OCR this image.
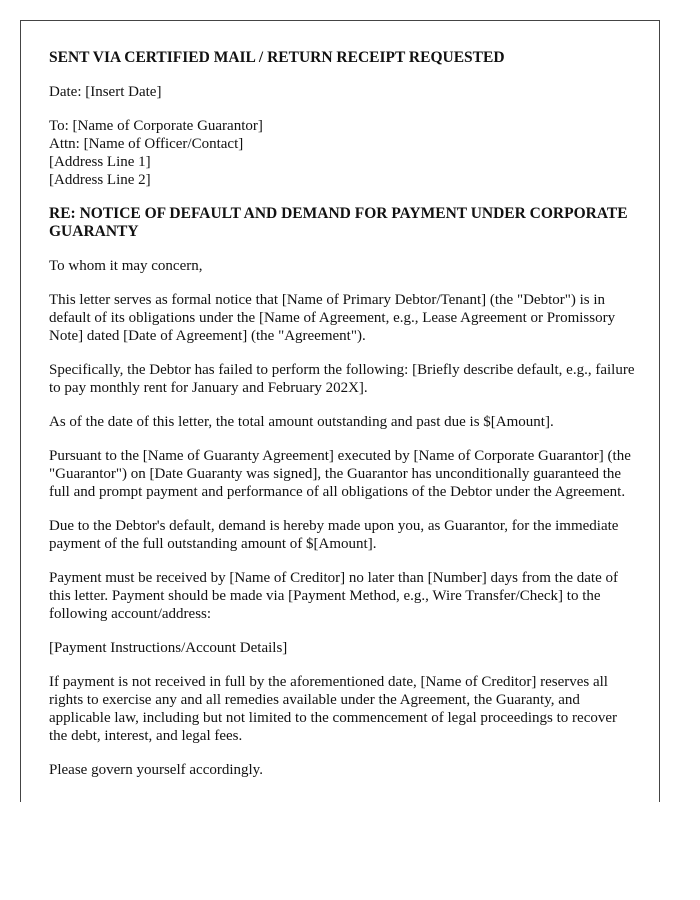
SENT VIA CERTIFIED MAIL / RETURN RECEIPT REQUESTED

Date: [Insert Date]

To: [Name of Corporate Guarantor]
Attn: [Name of Officer/Contact]
[Address Line 1]
[Address Line 2]

RE: NOTICE OF DEFAULT AND DEMAND FOR PAYMENT UNDER CORPORATE GUARANTY

To whom it may concern,

This letter serves as formal notice that [Name of Primary Debtor/Tenant] (the "Debtor") is in default of its obligations under the [Name of Agreement, e.g., Lease Agreement or Promissory Note] dated [Date of Agreement] (the "Agreement").

Specifically, the Debtor has failed to perform the following: [Briefly describe default, e.g., failure to pay monthly rent for January and February 202X].

As of the date of this letter, the total amount outstanding and past due is $[Amount].

Pursuant to the [Name of Guaranty Agreement] executed by [Name of Corporate Guarantor] (the "Guarantor") on [Date Guaranty was signed], the Guarantor has unconditionally guaranteed the full and prompt payment and performance of all obligations of the Debtor under the Agreement.

Due to the Debtor's default, demand is hereby made upon you, as Guarantor, for the immediate payment of the full outstanding amount of $[Amount].

Payment must be received by [Name of Creditor] no later than [Number] days from the date of this letter. Payment should be made via [Payment Method, e.g., Wire Transfer/Check] to the following account/address:

[Payment Instructions/Account Details]

If payment is not received in full by the aforementioned date, [Name of Creditor] reserves all rights to exercise any and all remedies available under the Agreement, the Guaranty, and applicable law, including but not limited to the commencement of legal proceedings to recover the debt, interest, and legal fees.

Please govern yourself accordingly.
